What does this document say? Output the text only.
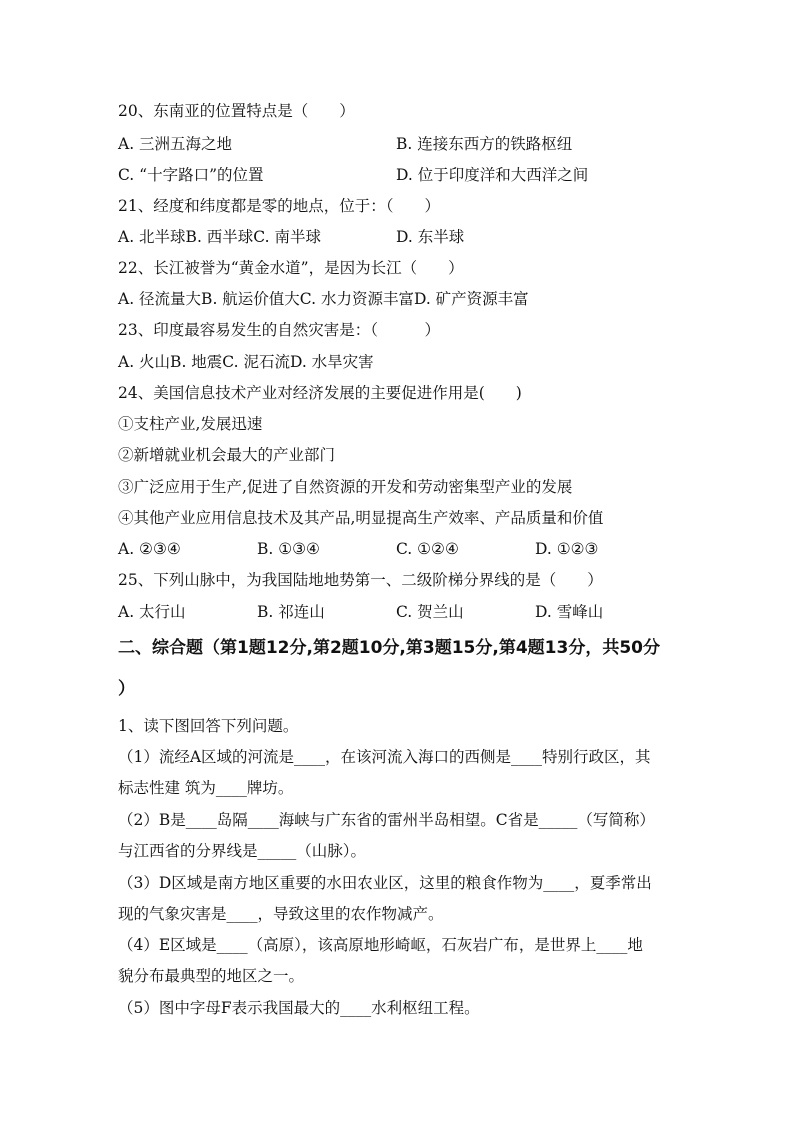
20、东南亚的位置特点是（　　）
A. 三洲五海之地	B. 连接东西方的铁路枢纽
C. “十字路口”的位置	D. 位于印度洋和大西洋之间
21、经度和纬度都是零的地点，位于：（　　）
A. 北半球B. 西半球C. 南半球	D. 东半球
22、长江被誉为“黄金水道”，是因为长江（　　）
A. 径流量大B. 航运价值大C. 水力资源丰富D. 矿产资源丰富
23、印度最容易发生的自然灾害是：（　　　）
A. 火山B. 地震C. 泥石流D. 水旱灾害
24、美国信息技术产业对经济发展的主要促进作用是(　　)
①支柱产业,发展迅速
②新增就业机会最大的产业部门
③广泛应用于生产,促进了自然资源的开发和劳动密集型产业的发展
④其他产业应用信息技术及其产品,明显提高生产效率、产品质量和价值
A. ②③④	B. ①③④	C. ①②④	D. ①②③
25、下列山脉中，为我国陆地地势第一、二级阶梯分界线的是（　　）
A. 太行山	B. 祁连山	C. 贺兰山	D. 雪峰山
二、综合题（第1题12分,第2题10分,第3题15分,第4题13分，共50分
）
1、读下图回答下列问题。
（1）流经A区域的河流是____，在该河流入海口的西侧是____特别行政区，其
标志性建 筑为____牌坊。
（2）B是____岛隔____海峡与广东省的雷州半岛相望。C省是_____（写简称）
与江西省的分界线是_____（山脉）。
（3）D区域是南方地区重要的水田农业区，这里的粮食作物为____，夏季常出
现的气象灾害是____，导致这里的农作物减产。
（4）E区域是____（高原），该高原地形崎岖，石灰岩广布，是世界上____地
貌分布最典型的地区之一。
（5）图中字母F表示我国最大的____水利枢纽工程。
